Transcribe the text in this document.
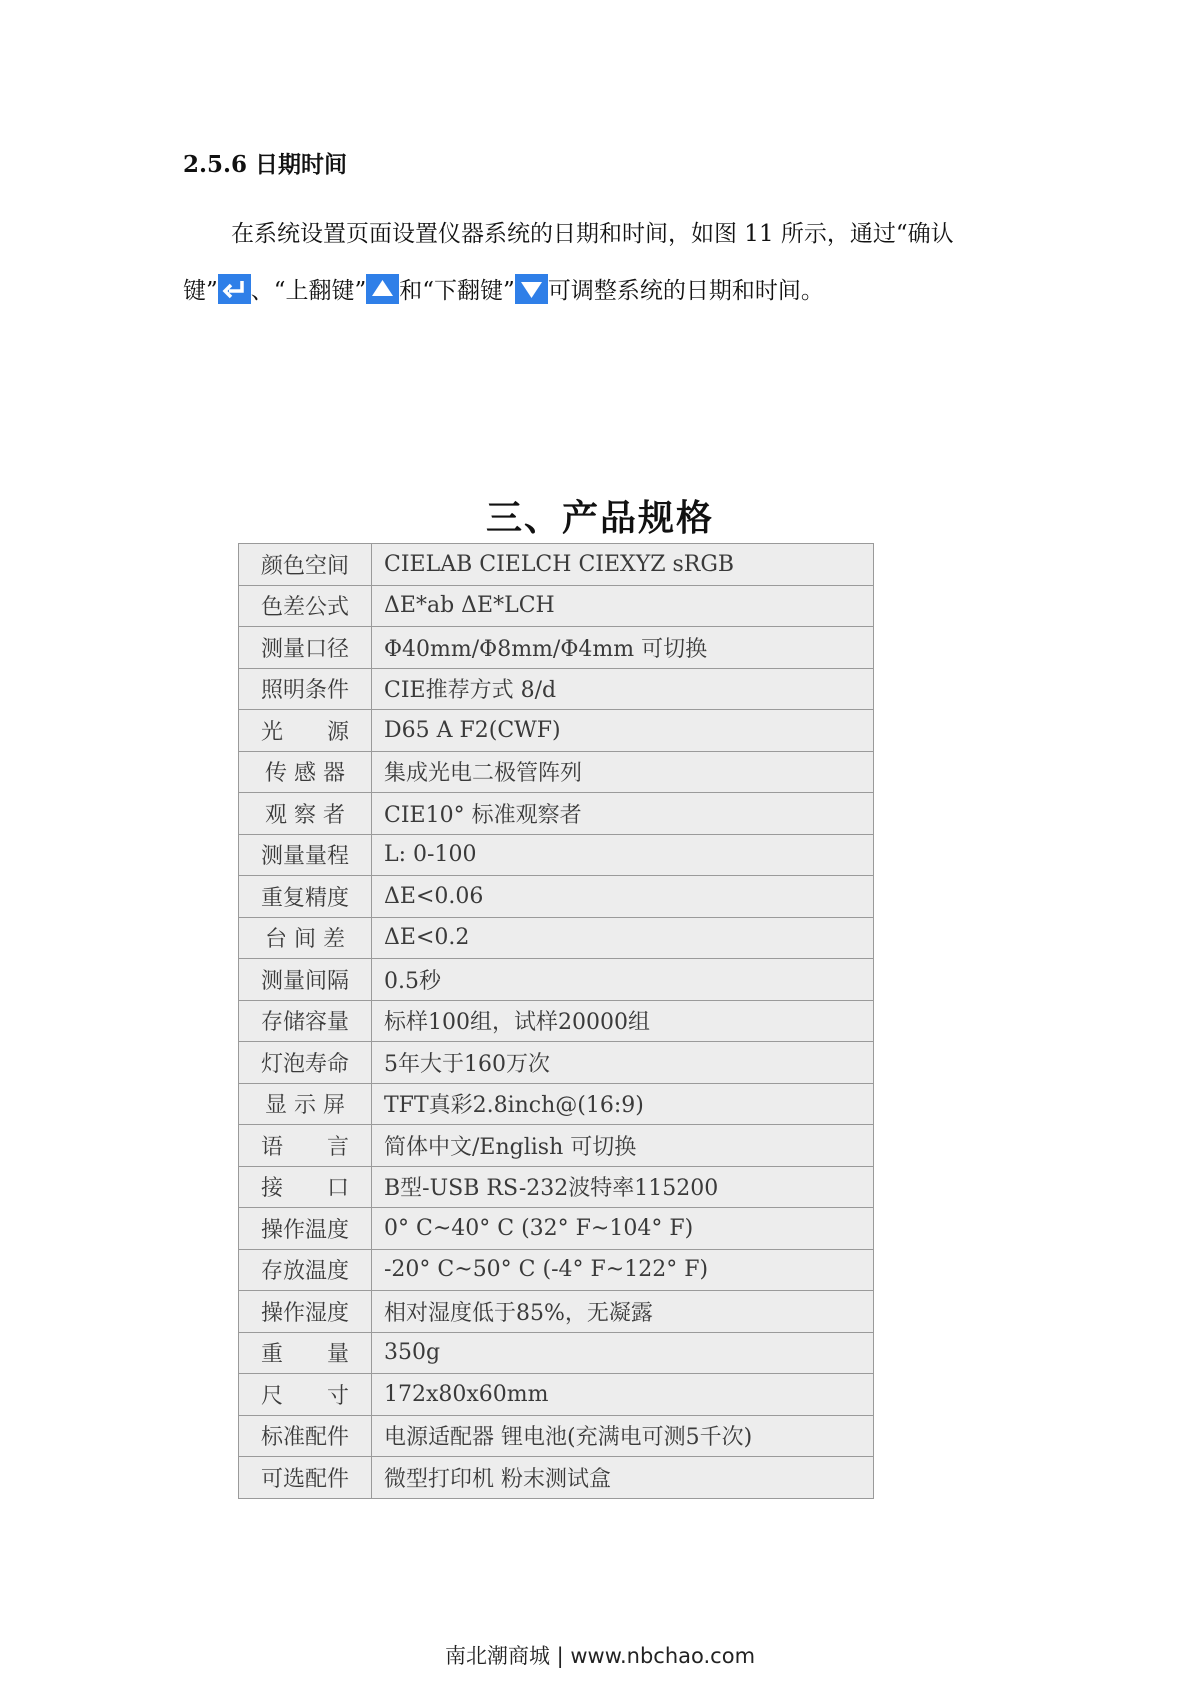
2.5.6 日期时间
在系统设置页面设置仪器系统的日期和时间，如图 11 所示，通过“确认
键” 、“上翻键” 和“下翻键” 可调整系统的日期和时间。
三、产品规格
颜色空间	CIELAB CIELCH CIEXYZ sRGB
色差公式	ΔE*ab ΔE*LCH
测量口径	Φ40mm/Φ8mm/Φ4mm 可切换
照明条件	CIE推荐方式 8/d
光　　源	D65 A F2(CWF)
传 感 器	集成光电二极管阵列
观 察 者	CIE10° 标准观察者
测量量程	L: 0-100
重复精度	ΔE<0.06
台 间 差	ΔE<0.2
测量间隔	0.5秒
存储容量	标样100组，试样20000组
灯泡寿命	5年大于160万次
显 示 屏	TFT真彩2.8inch@(16:9)
语　　言	简体中文/English 可切换
接　　口	B型-USB RS-232波特率115200
操作温度	0° C~40° C (32° F~104° F)
存放温度	-20° C~50° C (-4° F~122° F)
操作湿度	相对湿度低于85%，无凝露
重　　量	350g
尺　　寸	172x80x60mm
标准配件	电源适配器 锂电池(充满电可测5千次)
可选配件	微型打印机 粉末测试盒
南北潮商城 | www.nbchao.com
